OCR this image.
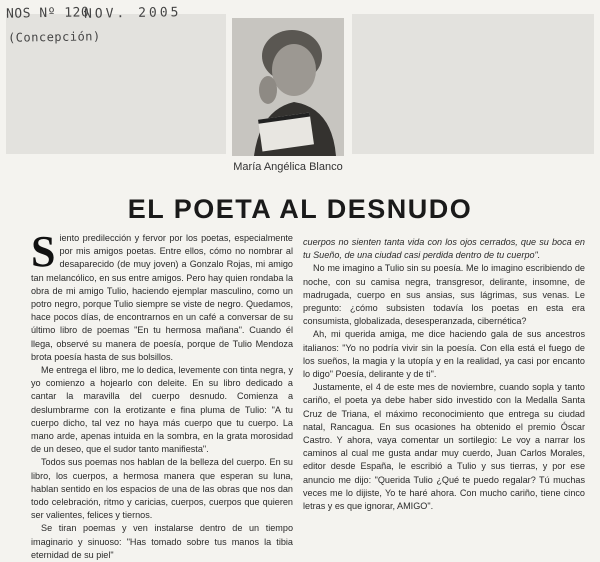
NOS Nº 120
NOV. 2005
(Concepción)
María Angélica Blanco
EL POETA AL DESNUDO

Siento predilección y fervor por los poetas, especialmente por mis amigos poetas. Entre ellos, cómo no nombrar al desaparecido (de muy joven) a Gonzalo Rojas, mi amigo tan melancólico, en sus entre amigos. Pero hay quien rondaba la obra de mi amigo Tulio, haciendo ejemplar masculino, como un potro negro, porque Tulio siempre se viste de negro. Quedamos, hace pocos días, de encontrarnos en un café a conversar de su último libro de poemas "En tu hermosa mañana". Cuando él llega, observé su manera de poesía, porque de Tulio Mendoza brota poesía hasta de sus bolsillos.

Me entrega el libro, me lo dedica, levemente con tinta negra, y yo comienzo a hojearlo con deleite. En su libro dedicado a cantar la maravilla del cuerpo desnudo. Comienza a deslumbrarme con la erotizante e fina pluma de Tulio: "A tu cuerpo dicho, tal vez no haya más cuerpo que tu cuerpo. La mano arde, apenas intuida en la sombra, en la grata morosidad de un deseo, que el sudor tanto manifiesta".

Todos sus poemas nos hablan de la belleza del cuerpo. En su libro, los cuerpos, a hermosa manera que esperan su luna, hablan sentido en los espacios de una de las obras que nos dan todo celebración, ritmo y caricias, cuerpos, cuerpos que quieren ser valientes, felices y tiernos.

Se tiran poemas y ven instalarse dentro de un tiempo imaginario y sinuoso: "Has tomado sobre tus manos la tibia eternidad de su piel"

cuerpos no sienten tanta vida con los ojos cerrados, que su boca en tu Sueño, de una ciudad casi perdida dentro de tu cuerpo".

No me imagino a Tulio sin su poesía. Me lo imagino escribiendo de noche, con su camisa negra, transgresor, delirante, insomne, de madrugada, cuerpo en sus ansias, sus lágrimas, sus venas. Le pregunto: ¿cómo subsisten todavía los poetas en esta era consumista, globalizada, desesperanzada, cibernética?

Ah, mi querida amiga, me dice haciendo gala de sus ancestros italianos: "Yo no podría vivir sin la poesía. Con ella está el fuego de los sueños, la magia y la utopía y en la realidad, ya casi por encanto lo digo" Poesía, delirante y de ti".

Justamente, el 4 de este mes de noviembre, cuando sopla y tanto cariño, el poeta ya debe haber sido investido con la Medalla Santa Cruz de Triana, el máximo reconocimiento que entrega su ciudad natal, Rancagua. En sus ocasiones ha obtenido el premio Óscar Castro. Y ahora, vaya comentar un sortilegio: Le voy a narrar los caminos al cual me gusta andar muy cuerdo, Juan Carlos Morales, editor desde España, le escribió a Tulio y sus tierras, y por ese anuncio me dijo: "Querida Tulio ¿Qué te puedo regalar? Tú muchas veces me lo dijiste, Yo te haré ahora. Con mucho cariño, tiene cinco letras y es que ignorar, AMIGO".
